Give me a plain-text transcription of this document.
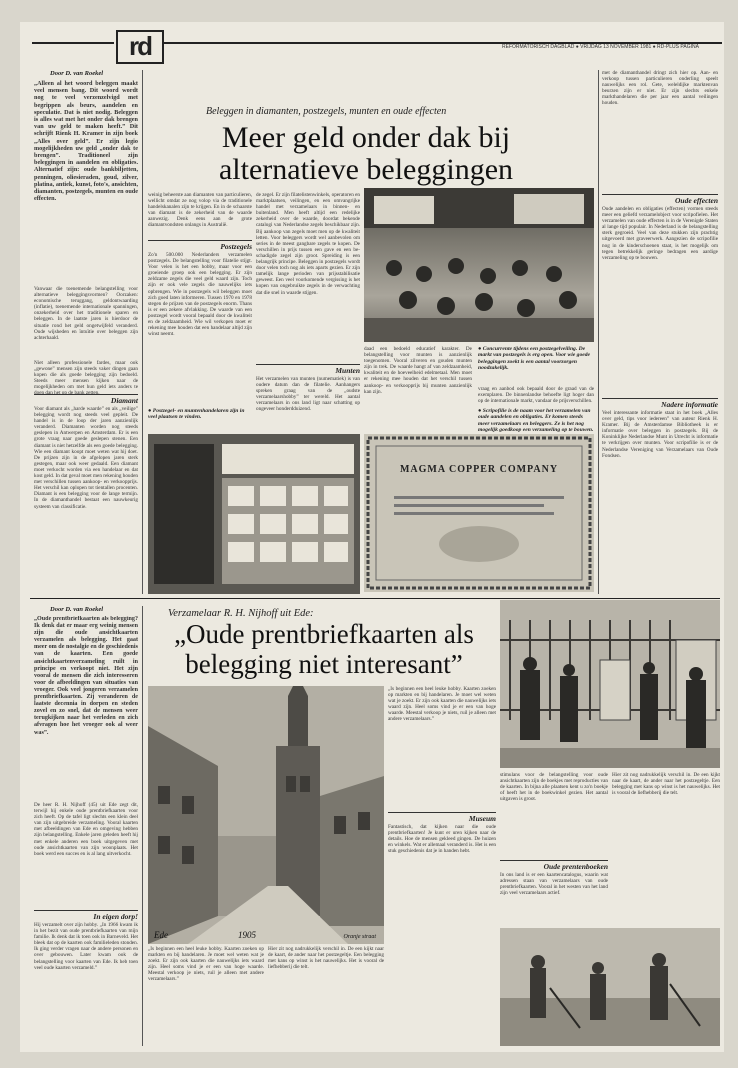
rd	REFORMATORISCH DAGBLAD ● VRIJDAG 13 NOVEMBER 1981 ● RD-PLUS PAGINA
Door D. van Roekel
„Alleen al het woord beleggen maakt veel mensen bang. Dit woord wordt nog te veel verzenzelvigd met begrippen als beurs, aandelen en speculatie. Dat is niet nodig. Beleggen is alles wat met het onder dak brengen van uw geld te maken heeft.” Dit schrijft Rienk H. Kramer in zijn boek „Alles over geld”. Er zijn legio mogelijkheden uw geld „onder dak te brengen”. Traditioneel zijn beleggingen in aandelen en obligaties. Alternatief zijn: oude bankbiljetten, penningen, oliesieraden, goud, zilver, platina, antiek, kunst, foto's, ansichten, diamanten, postzegels, munten en oude effecten.
Vanwaar die toenemende belangstelling voor alternatieve beleggingsvormen? Oorzaken: economische teruggang, geldontwaarding (inflatie), toenemende internationale spanningen, onzekerheid over het traditionele sparen en beleggen. In de laatste jaren is hierdoor de situatie rond het geld ongetwijfeld veranderd. Oude wijsheden en ïntuïtie over beleggen zijn achterhaald.
Niet alleen professionele fardes, maar ook „gewone” mensen zijn steeds vaker dingen gaan kopen die als goede belegging zijn bedoeld. Steeds meer mensen kijken naar de mogelijkheden om met hun geld iets anders te doen dan het op de bank zetten.
Diamant
Voor diamant als „harde waarde” en als „veilige” belegging wordt nog steeds veel gepleit. De handel is in de loop der jaren aanzienlijk veranderd. Diamanten worden nog steeds geslepen in Antwerpen en Amsterdam. Er is een grote vraag naar goede geslepen stenen. Een diamant is niet hetzelfde als een goede belegging. Wie een diamant koopt moet weten wat hij doet. De prijzen zijn in de afgelopen jaren sterk gestegen, maar ook weer gedaald. Een diamant moet verkocht worden via een handelaar en dat kost geld. In dat geval moet men rekening houden met verschillen tussen aankoop- en verkoopprijs. Het verschil kan oplopen tot tientallen procenten. Diamant is een belegging voor de lange termijn. In de diamanthandel bestaat een nauwkeurig systeem van classificatie.
Beleggen in diamanten, postzegels, munten en oude effecten
Meer geld onder dak bij
alternatieve beleggingen
weinig beheerste aan diamanten van particulieren, wellicht omdat ze nog volop via de traditionele handelskanalen zijn te krijgen. En in de schaarste van diamant is de zekerheid van de waarde aanwezig. Denk eens aan de grote diamantvondsten onlangs in Australië.
Postzegels
Zo'n 500.000 Nederlanders verzamelen postzegels. De belangstelling voor filatelie stijgt. Voor velen is het een hobby, maar voor een groeiende groep ook een belegging. Er zijn zeldzame zegels die veel geld waard zijn. Toch zijn er ook vele zegels die nauwelijks iets opbrengen. Wie in postzegels wil beleggen moet zich goed laten informeren. Tussen 1970 en 1978 stegen de prijzen van de postzegels enorm. Thans is er een zekere afvlakking. De waarde van een postzegel wordt vooral bepaald door de kwaliteit en de zeldzaamheid. Wie wil verkopen moet er rekening mee houden dat een handelaar altijd zijn winst neemt.
● Postzegel- en muntenhandelaren zijn in veel plaatsen te vinden.
de zegel. Er zijn filatelistenwinkels, operatoren en marktplaatsen, veilingen, en een omvangrijke handel met verzamelaars in binnen- en buitenland. Men heeft altijd een redelijke zekerheid over de waarde, doordat bekende catalogi van Nederlandse zegels beschikbaar zijn. Bij aankoop van zegels moet men op de kwaliteit letten. Voor beleggers wordt wel aanbevolen om series in de meest gangbare zegels te kopen. De verschillen in prijs tussen een gave en een beschadigde zegel zijn groot. Spreiding is een belangrijk principe. Beleggen in postzegels wordt door velen toch nog als iets aparts gezien. Er zijn tamelijk lange perioden van prijsstabilisatie geweest. Een veel voorkomende vergissing is het kopen van ongebruikte zegels in de verwachting dat die snel in waarde stijgen.
Munten
Het verzamelen van munten (numematiek) is van oudere datum dan de filatelie. Aanhangers spreken graag van de „oudste verzamelaarshobby” ter wereld. Het aantal verzamelaars in ons land ligt naar schatting op ongeveer honderdduizend.
daad een bedoeld educatief karakter. De belangstelling voor munten is aanzienlijk toegenomen. Vooral zilveren en gouden munten zijn in trek. De waarde hangt af van zeldzaamheid, kwaliteit en de hoeveelheid edelmetaal. Men moet er rekening mee houden dat het verschil tussen aankoop- en verkoopprijs bij munten aanzienlijk kan zijn.
● Concurrente tijdens een postzegelveiling. De markt van postzegels is erg open. Voor wie goede beleggingen zoekt is een aantal voorzorgen noodzakelijk.
vraag en aanbod ook bepaald door de graad van de exemplaren. De binnenlandse behoefte ligt hoger dan op de internationale markt, vandaar de prijsverschillen.
● Scripofilie is de naam voor het verzamelen van oude aandelen en obligaties. Er komen steeds meer verzamelaars en beleggers. Ze is het nog mogelijk goedkoop een verzameling op te bouwen.
MAGMA COPPER COMPANY
met de diamanthandel dringt zich hier op. Aan- en verkoop tussen particulieren onderling speelt nauwelijks een rol. Gete, weleldijke marktenvan beurzen zijn er niet. Er zijn slechts enkele markthandelaren die per jaar een aantal veilingen houden.
Oude effecten
Oude aandelen en obligaties (effecten) vormen steeds meer een geliefd verzamelobject voor scripofielen. Het verzamelen van oude effecten is in de Verenigde Staten al lange tijd populair. In Nederland is de belangstelling sterk gegroeid. Veel van deze stukken zijn prachtig uitgevoerd met graveerwerk. Aangezien de scripofilie nog in de kinderschoenen staat, is het mogelijk om tegen betrekkelijk geringe bedragen een aardige verzameling op te bouwen.
Nadere informatie
Veel interessante informatie staat in het boek „Alles over geld, tips voor iedereen” van auteur Rienk H. Kramer. Bij de Amsterdamse Bibliotheek is er informatie over beleggen in postzegels. Bij de Koninklijke Nederlandse Munt in Utrecht is informatie te verkrijgen over munten. Voor scripofilie is er de Nederlandse Vereniging van Verzamelaars van Oude Fondsen.
Door D. van Roekel
„Oude prentbriefkaarten als belegging? Ik denk dat er maar erg weinig mensen zijn die oude ansichtkaarten verzamelen als belegging. Het gaat meer om de nostalgie en de geschiedenis van de kaarten. Een goede ansichtkaartenverzameling ruilt in principe en verkoopt niet. Het zijn vooral de mensen die zich interesseren voor de afbeeldingen van situaties van vroeger. Ook veel jongeren verzamelen prentbriefkaarten. Zij veranderen de laatste decennia in dorpen en steden zovel en zo snel, dat de mensen weer terugkijken naar het verleden en zich afvragen hoe het vroeger ook al weer was”.
De heer R. H. Nijhoff (45) uit Ede zegt dit, terwijl hij enkele oude prentbriefkaarten voor zich heeft. Op de tafel ligt slechts een klein deel van zijn uitgebreide verzameling. Vooral kaarten met afbeeldingen van Ede en omgeving hebben zijn belangstelling. Enkele jaren geleden heeft hij met enkele anderen een boek uitgegeven met oude ansichtkaarten van zijn woonplaats. Het boek werd een succes en is al lang uitverkocht.
In eigen dorp!
Hij verzamelt over zijn hobby. „In 1966 kwam ik in het bezit van oude prentbriefkaarten van mijn familie. Ik denk dat ik toen ook in Barneveld. Het bleek dat op de kaarten ook familieleden stonden. Ik ging verder vragen naar de andere personen en over gebouwen. Later kwam ook de belangstelling voor kaarten van Ede. Ik heb toen veel oude kaarten verzameld.”
Verzamelaar R. H. Nijhoff uit Ede:
„Oude prentbriefkaarten als
belegging niet interesant”
Ede	1905	Oranje straat
„Is beginnen een heel leuke hobby. Kaarten zoeken op markten en bij handelaren. Je moet wel weten wat je zoekt. Er zijn ook kaarten die nauwelijks iets waard zijn. Heel soms vind je er een van hoge waarde. Meestal verkoop je niets, ruil je alleen met andere verzamelaars.”
Hier zit nog nadrukkelijk verschil in. De een kijkt naar de kaart, de ander naar het postzegeltje. Een belegging met kans op winst is het nauwelijks. Het is vooral de liefhebberij die telt.
„Is beginnen een heel leuke hobby. Kaarten zoeken op markten en bij handelaren. Je moet wel weten wat je zoekt. Er zijn ook kaarten die nauwelijks iets waard zijn. Heel soms vind je er een van hoge waarde. Meestal verkoop je niets, ruil je alleen met andere verzamelaars.”
Museum
Fantastisch, dat kijken naar die oude prentbriefkaarten! Je kunt er uren kijken naar de details. Hoe de mensen gekleed gingen. De huizen en winkels. Wat er allemaal veranderd is. Het is een stuk geschiedenis dat je in handen hebt.
stimulans voor de belangstelling voor oude ansichtkaarten zijn de boekjes met reproducties van de kaarten. In bijna alle plaatsen kent u zo'n boekje of heeft het in de boekwinkel gezien. Het aantal uitgaven is groot.
Oude prentenboeken
In ons land is er een kaartencatalogus, waarin wat adressen staan van verzamelaars van oude prentbriefkaarten. Vooral in het westen van het land zijn veel verzamelaars actief.
Hier zit nog nadrukkelijk verschil in. De een kijkt naar de kaart, de ander naar het postzegeltje. Een belegging met kans op winst is het nauwelijks. Het is vooral de liefhebberij die telt.
